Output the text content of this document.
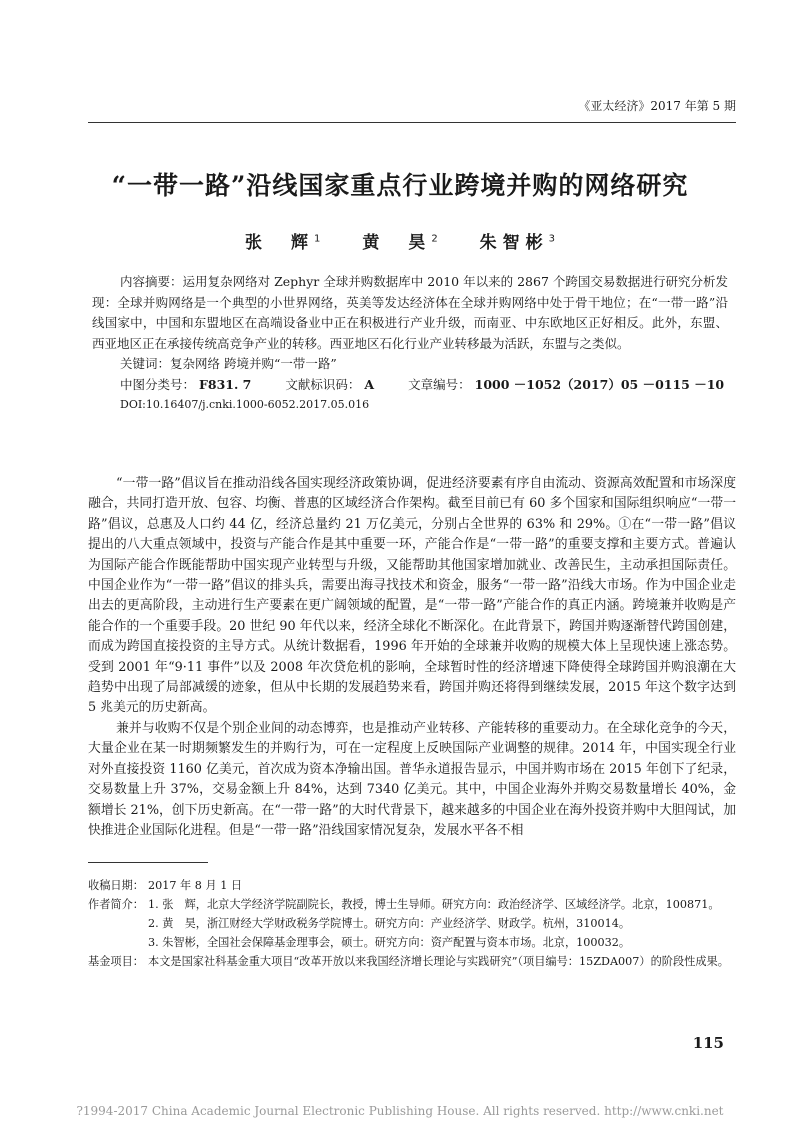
《亚太经济》2017 年第 5 期
“一带一路”沿线国家重点行业跨境并购的网络研究
张　辉$^1$ 黄　昊$^2$ 朱智彬$^3$

内容摘要：运用复杂网络对 Zephyr 全球并购数据库中 2010 年以来的 2867 个跨国交易数据进行研究分析发现：全球并购网络是一个典型的小世界网络，英美等发达经济体在全球并购网络中处于骨干地位；在“一带一路”沿线国家中，中国和东盟地区在高端设备业中正在积极进行产业升级，而南亚、中东欧地区正好相反。此外，东盟、西亚地区正在承接传统高竞争产业的转移。西亚地区石化行业产业转移最为活跃，东盟与之类似。

关键词：复杂网络 跨境并购“一带一路”

中图分类号： F831. 7	文献标识码： A	文章编号： 1000 －1052（2017）05 －0115 －10

DOI:10.16407/j.cnki.1000-6052.2017.05.016

“一带一路”倡议旨在推动沿线各国实现经济政策协调，促进经济要素有序自由流动、资源高效配置和市场深度融合，共同打造开放、包容、均衡、普惠的区域经济合作架构。截至目前已有 60 多个国家和国际组织响应“一带一路”倡议，总惠及人口约 44 亿，经济总量约 21 万亿美元，分别占全世界的 63% 和 29%。①在“一带一路”倡议提出的八大重点领域中，投资与产能合作是其中重要一环，产能合作是“一带一路”的重要支撑和主要方式。普遍认为国际产能合作既能帮助中国实现产业转型与升级，又能帮助其他国家增加就业、改善民生，主动承担国际责任。中国企业作为“一带一路”倡议的排头兵，需要出海寻找技术和资金，服务“一带一路”沿线大市场。作为中国企业走出去的更高阶段，主动进行生产要素在更广阔领域的配置，是“一带一路”产能合作的真正内涵。跨境兼并收购是产能合作的一个重要手段。20 世纪 90 年代以来，经济全球化不断深化。在此背景下，跨国并购逐渐替代跨国创建，而成为跨国直接投资的主导方式。从统计数据看，1996 年开始的全球兼并收购的规模大体上呈现快速上涨态势。受到 2001 年“9·11 事件”以及 2008 年次贷危机的影响，全球暂时性的经济增速下降使得全球跨国并购浪潮在大趋势中出现了局部减缓的迹象，但从中长期的发展趋势来看，跨国并购还将得到继续发展，2015 年这个数字达到 5 兆美元的历史新高。

兼并与收购不仅是个别企业间的动态博弈，也是推动产业转移、产能转移的重要动力。在全球化竞争的今天，大量企业在某一时期频繁发生的并购行为，可在一定程度上反映国际产业调整的规律。2014 年，中国实现全行业对外直接投资 1160 亿美元，首次成为资本净输出国。普华永道报告显示，中国并购市场在 2015 年创下了纪录，交易数量上升 37%，交易金额上升 84%，达到 7340 亿美元。其中，中国企业海外并购交易数量增长 40%，金额增长 21%，创下历史新高。在“一带一路”的大时代背景下，越来越多的中国企业在海外投资并购中大胆闯试，加快推进企业国际化进程。但是“一带一路”沿线国家情况复杂，发展水平各不相

收稿日期： 2017 年 8 月 1 日
作者简介： 1. 张　辉，北京大学经济学院副院长，教授，博士生导师。研究方向：政治经济学、区域经济学。北京，100871。
2. 黄　昊，浙江财经大学财政税务学院博士。研究方向：产业经济学、财政学。杭州，310014。
3. 朱智彬，全国社会保障基金理事会，硕士。研究方向：资产配置与资本市场。北京，100032。
基金项目： 本文是国家社科基金重大项目“改革开放以来我国经济增长理论与实践研究”（项目编号：15ZDA007）的阶段性成果。
115
?1994-2017 China Academic Journal Electronic Publishing House. All rights reserved. http://www.cnki.net
